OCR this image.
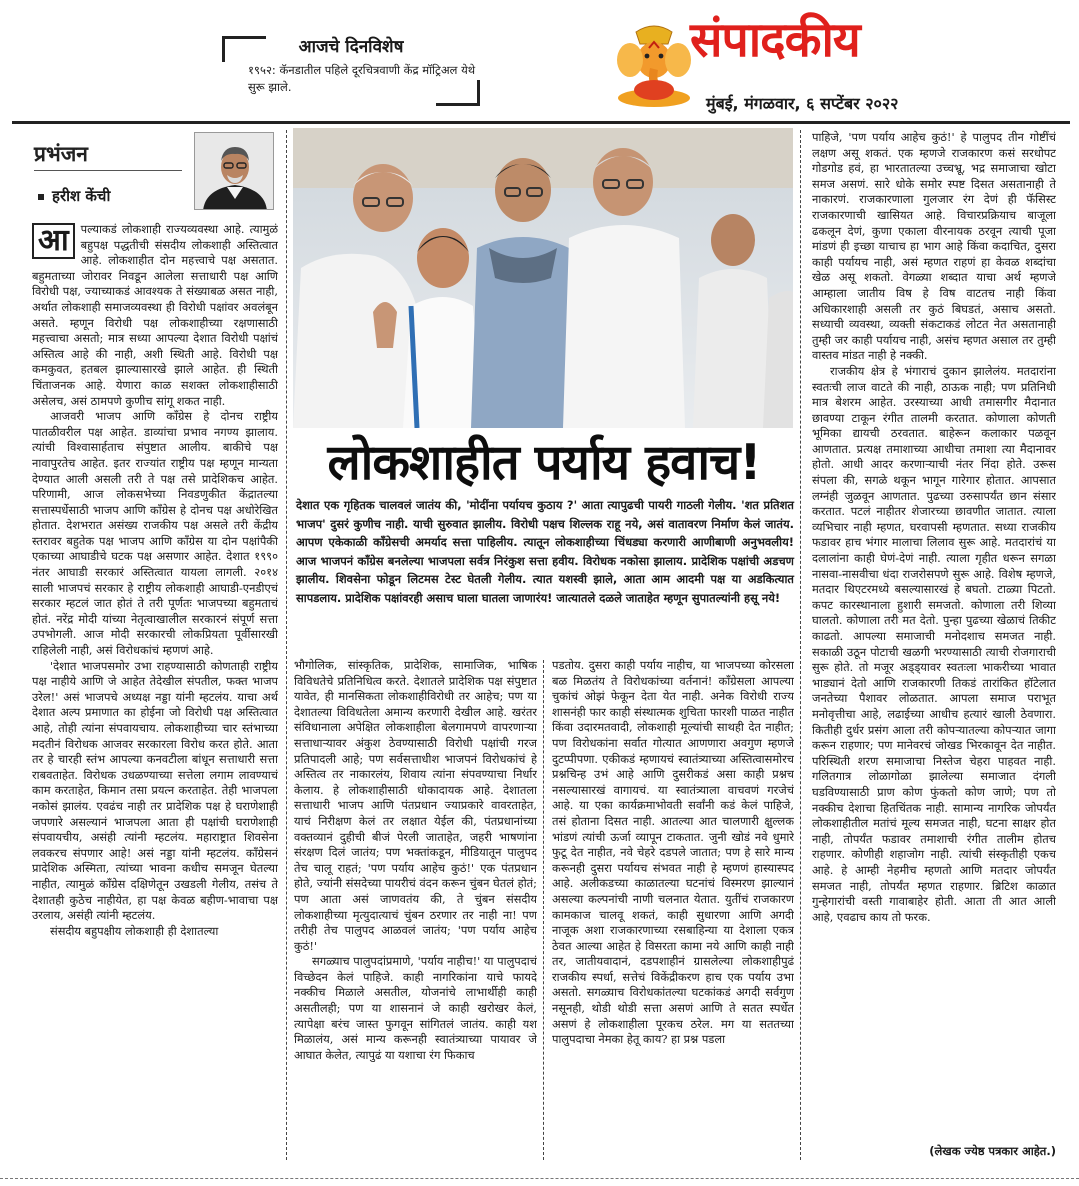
आजचे दिनविशेष
१९५२: कॅनडातील पहिले दूरचित्रवाणी केंद्र मॉट्रिअल येथे सुरू झाले.
संपादकीय
मुंबई, मंगळवार, ६ सप्टेंबर २०२२
प्रभंजन
हरीश केंची

आ	पल्याकडं लोकशाही राज्यव्यवस्था आहे. त्यामुळं बहुपक्ष पद्धतीची संसदीय लोकशाही अस्तित्वात आहे. लोकशाहीत दोन महत्त्वाचे पक्ष असतात. बहुमताच्या जोरावर निवडून आलेला सत्ताधारी पक्ष आणि विरोधी पक्ष, ज्याच्याकडं आवश्यक ते संख्याबळ असत नाही, अर्थात लोकशाही समाजव्यवस्था ही विरोधी पक्षांवर अवलंबून असते. म्हणून विरोधी पक्ष लोकशाहीच्या रक्षणासाठी महत्त्वाचा असतो; मात्र सध्या आपल्या देशात विरोधी पक्षांचं अस्तित्व आहे की नाही, अशी स्थिती आहे. विरोधी पक्ष कमकुवत, हतबल झाल्यासारखे झाले आहेत. ही स्थिती चिंताजनक आहे. येणारा काळ सशक्त लोकशाहीसाठी असेलच, असं ठामपणे कुणीच सांगू शकत नाही.

आजवरी भाजप आणि काँग्रेस हे दोनच राष्ट्रीय पातळीवरील पक्ष आहेत. डाव्यांचा प्रभाव नगण्य झालाय. त्यांची विश्वासार्हताच संपुष्टात आलीय. बाकीचे पक्ष नावापुरतेच आहेत. इतर राज्यांत राष्ट्रीय पक्ष म्हणून मान्यता देण्यात आली असली तरी ते पक्ष तसे प्रादेशिकच आहेत. परिणामी, आज लोकसभेच्या निवडणुकीत केंद्रातल्या सत्तास्पर्धेसाठी भाजप आणि काँग्रेस हे दोनच पक्ष अधोरेखित होतात. देशभरात असंख्य राजकीय पक्ष असले तरी केंद्रीय स्तरावर बहुतेक पक्ष भाजप आणि काँग्रेस या दोन पक्षांपैकी एकाच्या आघाडीचे घटक पक्ष असणार आहेत. देशात १९९० नंतर आघाडी सरकारं अस्तित्वात यायला लागली. २०१४ साली भाजपचं सरकार हे राष्ट्रीय लोकशाही आघाडी-एनडीएचं सरकार म्हटलं जात होतं ते तरी पूर्णतः भाजपच्या बहुमताचं होतं. नरेंद्र मोदी यांच्या नेतृत्वाखालील सरकारनं संपूर्ण सत्ता उपभोगली. आज मोदी सरकारची लोकप्रियता पूर्वीसारखी राहिलेली नाही, असं विरोधकांचं म्हणणं आहे.

'देशात भाजपसमोर उभा राहण्यासाठी कोणताही राष्ट्रीय पक्ष नाहीये आणि जे आहेत तेदेखील संपतील, फक्त भाजप उरेल!' असं भाजपचे अध्यक्ष नड्डा यांनी म्हटलंय. याचा अर्थ देशात अल्प प्रमाणात का होईना जो विरोधी पक्ष अस्तित्वात आहे, तोही त्यांना संपवायचाय. लोकशाहीच्या चार स्तंभाच्या मदतीनं विरोधक आजवर सरकारला विरोध करत होते. आता तर हे चारही स्तंभ आपल्या कनवटीला बांधून सत्ताधारी सत्ता राबवताहेत. विरोधक उधळण्याच्या सत्तेला लगाम लावण्याचं काम करताहेत, किमान तसा प्रयत्न करताहेत. तेही भाजपला नकोसं झालंय. एवढंच नाही तर प्रादेशिक पक्ष हे घराणेशाही जपणारे असल्यानं भाजपला आता ही पक्षांची घराणेशाही संपवायचीय, असंही त्यांनी म्हटलंय. महाराष्ट्रात शिवसेना लवकरच संपणार आहे! असं नड्डा यांनी म्हटलंय. काँग्रेसनं प्रादेशिक अस्मिता, त्यांच्या भावना कधीच समजून घेतल्या नाहीत, त्यामुळं काँग्रेस दक्षिणेतून उखडली गेलीय, तसंच ते देशातही कुठेच नाहीयेत, हा पक्ष केवळ बहीण-भावाचा पक्ष उरलाय, असंही त्यांनी म्हटलंय.

संसदीय बहुपक्षीय लोकशाही ही देशातल्या

लोकशाहीत पर्याय हवाच!
देशात एक गृहितक चालवलं जातंय की, 'मोदींना पर्यायच कुठाय ?' आता त्यापुढची पायरी गाठली गेलीय. 'शत प्रतिशत भाजप' दुसरं कुणीच नाही. याची सुरुवात झालीय. विरोधी पक्षच शिल्लक राहू नये, असं वातावरण निर्माण केलं जातंय. आपण एकेकाळी काँग्रेसची अमर्याद सत्ता पाहिलीय. त्यातून लोकशाहीच्या चिंधड्या करणारी आणीबाणी अनुभवलीय! आज भाजपनं काँग्रेस बनलेल्या भाजपला सर्वत्र निरंकुश सत्ता हवीय. विरोधक नकोसा झालाय. प्रादेशिक पक्षांची अडचण झालीय. शिवसेना फोडून लिटमस टेस्ट घेतली गेलीय. त्यात यशस्वी झाले, आता आम आदमी पक्ष या अडकित्यात सापडलाय. प्रादेशिक पक्षांवरही असाच घाला घातला जाणारंय! जात्यातले दळले जाताहेत म्हणून सुपातल्यांनी हसू नये!

भौगोलिक, सांस्कृतिक, प्रादेशिक, सामाजिक, भाषिक विविधतेचे प्रतिनिधित्व करते. देशातले प्रादेशिक पक्ष संपुष्टात यावेत, ही मानसिकता लोकशाहीविरोधी तर आहेच; पण या देशातल्या विविधतेला अमान्य करणारी देखील आहे. खरंतर संविधानाला अपेक्षित लोकशाहीला बेलगामपणे वापरणाऱ्या सत्ताधाऱ्यावर अंकुश ठेवण्यासाठी विरोधी पक्षांची गरज प्रतिपादली आहे; पण सर्वसत्ताधीश भाजपनं विरोधकांचं हे अस्तित्व तर नाकारलंय, शिवाय त्यांना संपवण्याचा निर्धार केलाय. हे लोकशाहीसाठी धोकादायक आहे. देशातला सत्ताधारी भाजप आणि पंतप्रधान ज्याप्रकारे वावरताहेत, याचं निरीक्षण केलं तर लक्षात येईल की, पंतप्रधानांच्या वक्तव्यानं दुहीची बीजं पेरली जाताहेत, जहरी भाषणांना संरक्षण दिलं जातंय; पण भक्तांकडून, मीडियातून पालुपद तेच चालू राहतं; 'पण पर्याय आहेच कुठं!' एक पंतप्रधान होते, ज्यांनी संसदेच्या पायरीचं वंदन करून चुंबन घेतलं होतं; पण आता असं जाणवतंय की, ते चुंबन संसदीय लोकशाहीच्या मृत्युदात्याचं चुंबन ठरणार तर नाही ना! पण तरीही तेच पालुपद आळवलं जातंय; 'पण पर्याय आहेच कुठं!'

सगळ्याच पालुपदांप्रमाणे, 'पर्याय नाहीच!' या पालुपदाचं विच्छेदन केलं पाहिजे. काही नागरिकांना याचे फायदे नक्कीच मिळाले असतील, योजनांचे लाभार्थीही काही असतीलही; पण या शासनानं जे काही खरोखर केलं, त्यापेक्षा बरंच जास्त फुगवून सांगितलं जातंय. काही यश मिळालंय, असं मान्य करूनही स्वातंत्र्याच्या पायावर जे आघात केलेत, त्यापुढं या यशाचा रंग फिकाच

पडतोय. दुसरा काही पर्याय नाहीच, या भाजपच्या कोरसला बळ मिळतंय ते विरोधकांच्या वर्तनानं! काँग्रेसला आपल्या चुकांचं ओझं फेकून देता येत नाही. अनेक विरोधी राज्य शासनंही फार काही संस्थात्मक शुचिता फारशी पाळत नाहीत किंवा उदारमतवादी, लोकशाही मूल्यांची साथही देत नाहीत; पण विरोधकांना सर्वात गोत्यात आणणारा अवगुण म्हणजे दुटप्पीपणा. एकीकडं म्हणायचं स्वातंत्र्याच्या अस्तित्वासमोरच प्रश्नचिन्ह उभं आहे आणि दुसरीकडं असा काही प्रश्नच नसल्यासारखं वागायचं. या स्वातंत्र्याला वाचवणं गरजेचं आहे. या एका कार्यक्रमाभोवती सर्वांनी कडं केलं पाहिजे, तसं होताना दिसत नाही. आतल्या आत चालणारी क्षुल्लक भांडणं त्यांची ऊर्जा व्यापून टाकतात. जुनी खोडं नवे धुमारे फुटू देत नाहीत, नवे चेहरे दडपले जातात; पण हे सारे मान्य करूनही दुसरा पर्यायच संभवत नाही हे म्हणणं हास्यास्पद आहे. अलीकडच्या काळातल्या घटनांचं विस्मरण झाल्यानं असल्या कल्पनांची नाणी चलनात येतात. युतींचं राजकारण कामकाज चालवू शकतं, काही सुधारणा आणि अगदी नाजूक अशा राजकारणाच्या रसबाहिन्या या देशाला एकत्र ठेवत आल्या आहेत हे विसरता कामा नये आणि काही नाही तर, जातीयवादानं, दडपशाहीनं ग्रासलेल्या लोकशाहीपुढं राजकीय स्पर्धा, सत्तेचं विकेंद्रीकरण हाच एक पर्याय उभा असतो. सगळ्याच विरोधकांतल्या घटकांकडं अगदी सर्वगुण नसूनही, थोडी थोडी सत्ता असणं आणि ते सतत स्पर्धेत असणं हे लोकशाहीला पूरकच ठरेल. मग या सततच्या पालुपदाचा नेमका हेतू काय? हा प्रश्न पडला

पाहिजे, 'पण पर्याय आहेच कुठं!' हे पालुपद तीन गोष्टींचं लक्षण असू शकतं. एक म्हणजे राजकारण कसं सरधोपट गोडगोड हवं, हा भारतातल्या उच्चभ्रू, भद्र समाजाचा खोटा समज असणं. सारे धोके समोर स्पष्ट दिसत असतानाही ते नाकारणं. राजकारणाला गुलजार रंग देणं ही फॅसिस्ट राजकारणाची खासियत आहे. विचारप्रक्रियाच बाजूला ढकलून देणं, कुणा एकाला वीरनायक ठरवून त्याची पूजा मांडणं ही इच्छा याचाच हा भाग आहे किंवा कदाचित, दुसरा काही पर्यायच नाही, असं म्हणत राहणं हा केवळ शब्दांचा खेळ असू शकतो. वेगळ्या शब्दात याचा अर्थ म्हणजे आम्हाला जातीय विष हे विष वाटतच नाही किंवा अधिकारशाही असली तर कुठं बिघडतं, असाच असतो. सध्याची व्यवस्था, व्यक्ती संकटाकडं लोटत नेत असतानाही तुम्ही जर काही पर्यायच नाही, असंच म्हणत असाल तर तुम्ही वास्तव मांडत नाही हे नक्की.

राजकीय क्षेत्र हे भंगाराचं दुकान झालेलंय. मतदारांना स्वतःची लाज वाटते की नाही, ठाऊक नाही; पण प्रतिनिधी मात्र बेशरम आहेत. उरस्याच्या आधी तमासगीर मैदानात छावण्या टाकून रंगीत तालमी करतात. कोणाला कोणती भूमिका द्यायची ठरवतात. बाहेरून कलाकार पळवून आणतात. प्रत्यक्ष तमाशाच्या आधीचा तमाशा त्या मैदानावर होतो. आधी आदर करणाऱ्याची नंतर निंदा होते. उरूस संपला की, सगळे थकून भागून गारेगार होतात. आपसात लग्नंही जुळवून आणतात. पुढच्या उरुसापर्यंत छान संसार करतात. पटलं नाहीतर शेजारच्या छावणीत जातात. त्याला व्यभिचार नाही म्हणत, घरवापसी म्हणतात. सध्या राजकीय फडावर हाच भंगार मालाचा लिलाव सुरू आहे. मतदारांचं या दलालांना काही घेणं-देणं नाही. त्याला गृहीत धरून सगळा नासवा-नासवीचा धंदा राजरोसपणे सुरू आहे. विशेष म्हणजे, मतदार थिएटरमध्ये बसल्यासारखं हे बघतो. टाळ्या पिटतो. कपट कारस्थानाला हुशारी समजतो. कोणाला तरी शिव्या घालतो. कोणाला तरी मत देतो. पुन्हा पुढच्या खेळाचं तिकीट काढतो. आपल्या समाजाची मनोदशाच समजत नाही. सकाळी उठून पोटाची खळगी भरण्यासाठी त्याची रोजगाराची सुरू होते. तो मजूर अड्ड्यावर स्वतःला भाकरीच्या भावात भाड्यानं देतो आणि राजकारणी तिकडं तारांकित हॉटेलात जनतेच्या पैशावर लोळतात. आपला समाज पराभूत मनोवृत्तीचा आहे, लढाईच्या आधीच हत्यारं खाली ठेवणारा. कितीही दुर्धर प्रसंग आला तरी कोपऱ्यातल्या कोपऱ्यात जागा करून राहणार; पण मानेवरचं जोखड भिरकावून देत नाहीत. परिस्थिती शरण समाजाचा निस्तेज चेहरा पाहवत नाही. गलितगात्र लोळागोळा झालेल्या समाजात दंगली घडविण्यासाठी प्राण कोण फुंकतो कोण जाणे; पण तो नक्कीच देशाचा हितचिंतक नाही. सामान्य नागरिक जोपर्यंत लोकशाहीतील मतांचं मूल्य समजत नाही, घटना साक्षर होत नाही, तोपर्यंत फडावर तमाशाची रंगीत तालीम होतच राहणार. कोणीही शहाजोग नाही. त्यांची संस्कृतीही एकच आहे. हे आम्ही नेहमीच म्हणतो आणि मतदार जोपर्यंत समजत नाही, तोपर्यंत म्हणत राहणार. ब्रिटिश काळात गुन्हेगारांची वस्ती गावाबाहेर होती. आता ती आत आली आहे, एवढाच काय तो फरक.

(लेखक ज्येष्ठ पत्रकार आहेत.)
